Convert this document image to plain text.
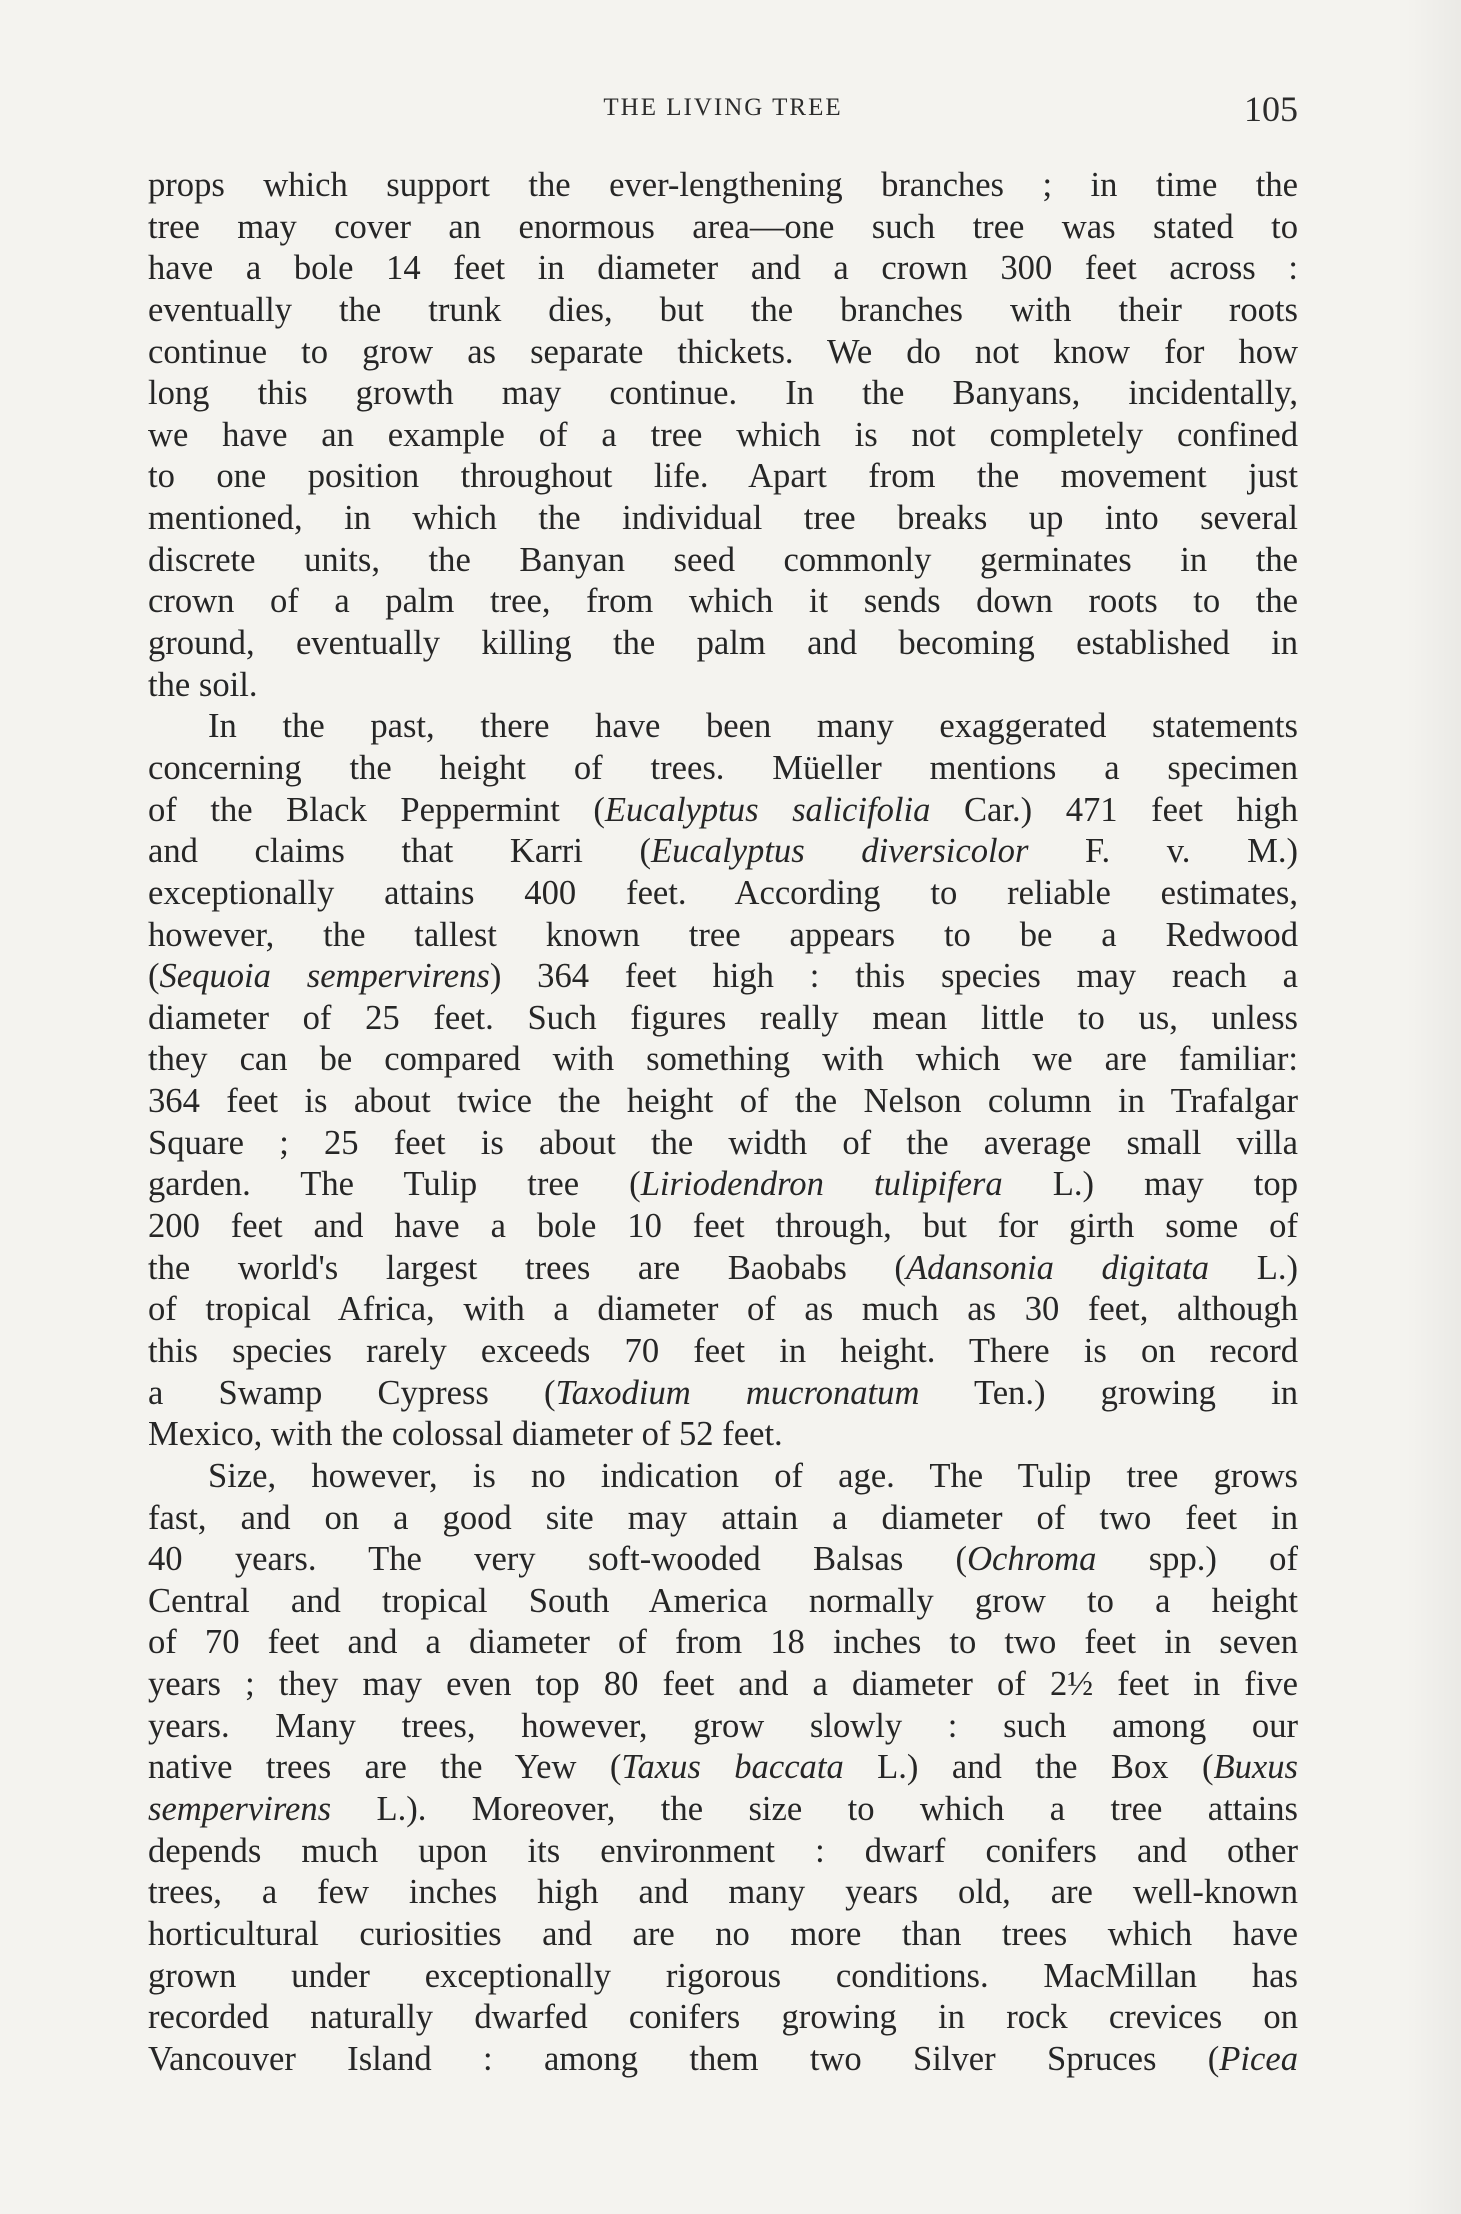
THE LIVING TREE	105
props which support the ever-lengthening branches ; in time the
tree may cover an enormous area—one such tree was stated to
have a bole 14 feet in diameter and a crown 300 feet across :
eventually the trunk dies, but the branches with their roots
continue to grow as separate thickets. We do not know for how
long this growth may continue. In the Banyans, incidentally,
we have an example of a tree which is not completely confined
to one position throughout life. Apart from the movement just
mentioned, in which the individual tree breaks up into several
discrete units, the Banyan seed commonly germinates in the
crown of a palm tree, from which it sends down roots to the
ground, eventually killing the palm and becoming established in
the soil.
In the past, there have been many exaggerated statements
concerning the height of trees. Müeller mentions a specimen
of the Black Peppermint (Eucalyptus salicifolia Car.) 471 feet high
and claims that Karri (Eucalyptus diversicolor F. v. M.)
exceptionally attains 400 feet. According to reliable estimates,
however, the tallest known tree appears to be a Redwood
(Sequoia sempervirens) 364 feet high : this species may reach a
diameter of 25 feet. Such figures really mean little to us, unless
they can be compared with something with which we are familiar:
364 feet is about twice the height of the Nelson column in Trafalgar
Square ; 25 feet is about the width of the average small villa
garden. The Tulip tree (Liriodendron tulipifera L.) may top
200 feet and have a bole 10 feet through, but for girth some of
the world's largest trees are Baobabs (Adansonia digitata L.)
of tropical Africa, with a diameter of as much as 30 feet, although
this species rarely exceeds 70 feet in height. There is on record
a Swamp Cypress (Taxodium mucronatum Ten.) growing in
Mexico, with the colossal diameter of 52 feet.
Size, however, is no indication of age. The Tulip tree grows
fast, and on a good site may attain a diameter of two feet in
40 years. The very soft-wooded Balsas (Ochroma spp.) of
Central and tropical South America normally grow to a height
of 70 feet and a diameter of from 18 inches to two feet in seven
years ; they may even top 80 feet and a diameter of 2½ feet in five
years. Many trees, however, grow slowly : such among our
native trees are the Yew (Taxus baccata L.) and the Box (Buxus
sempervirens L.). Moreover, the size to which a tree attains
depends much upon its environment : dwarf conifers and other
trees, a few inches high and many years old, are well-known
horticultural curiosities and are no more than trees which have
grown under exceptionally rigorous conditions. MacMillan has
recorded naturally dwarfed conifers growing in rock crevices on
Vancouver Island : among them two Silver Spruces (Picea
